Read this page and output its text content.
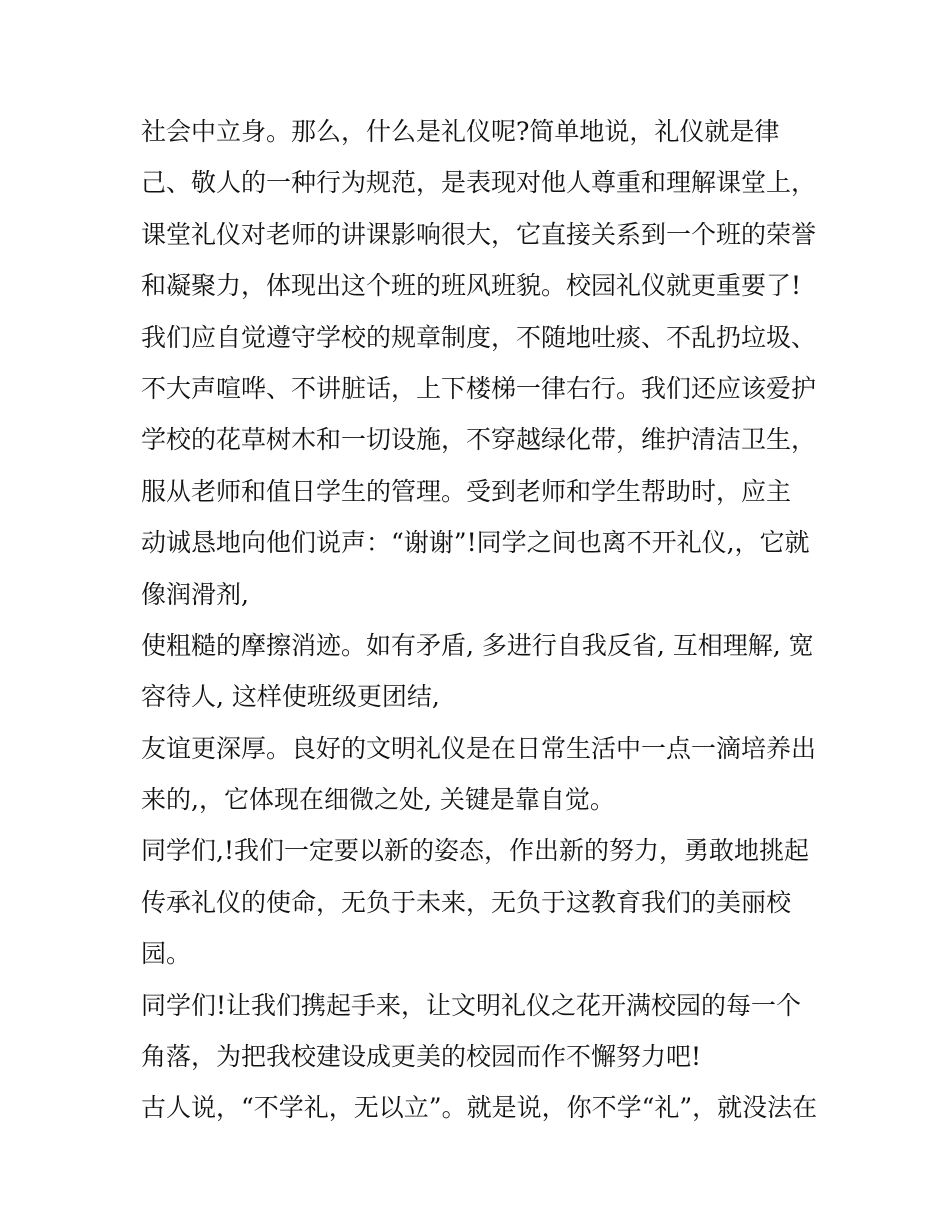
社会中立身。那么，什么是礼仪呢?简单地说，礼仪就是律
己、敬人的一种行为规范，是表现对他人尊重和理解课堂上，
课堂礼仪对老师的讲课影响很大，它直接关系到一个班的荣誉
和凝聚力，体现出这个班的班风班貌。校园礼仪就更重要了!
我们应自觉遵守学校的规章制度，不随地吐痰、不乱扔垃圾、
不大声喧哗、不讲脏话，上下楼梯一律右行。我们还应该爱护
学校的花草树木和一切设施，不穿越绿化带，维护清洁卫生，
服从老师和值日学生的管理。受到老师和学生帮助时，应主
动诚恳地向他们说声：“谢谢”!同学之间也离不开礼仪,，它就
像润滑剂,
使粗糙的摩擦消迹。如有矛盾, 多进行自我反省, 互相理解, 宽
容待人, 这样使班级更团结,
友谊更深厚。良好的文明礼仪是在日常生活中一点一滴培养出
来的,，它体现在细微之处, 关键是靠自觉。
同学们,!我们一定要以新的姿态，作出新的努力，勇敢地挑起
传承礼仪的使命，无负于未来，无负于这教育我们的美丽校
园。
同学们!让我们携起手来，让文明礼仪之花开满校园的每一个
角落，为把我校建设成更美的校园而作不懈努力吧!
古人说，“不学礼，无以立”。就是说，你不学“礼”，就没法在
